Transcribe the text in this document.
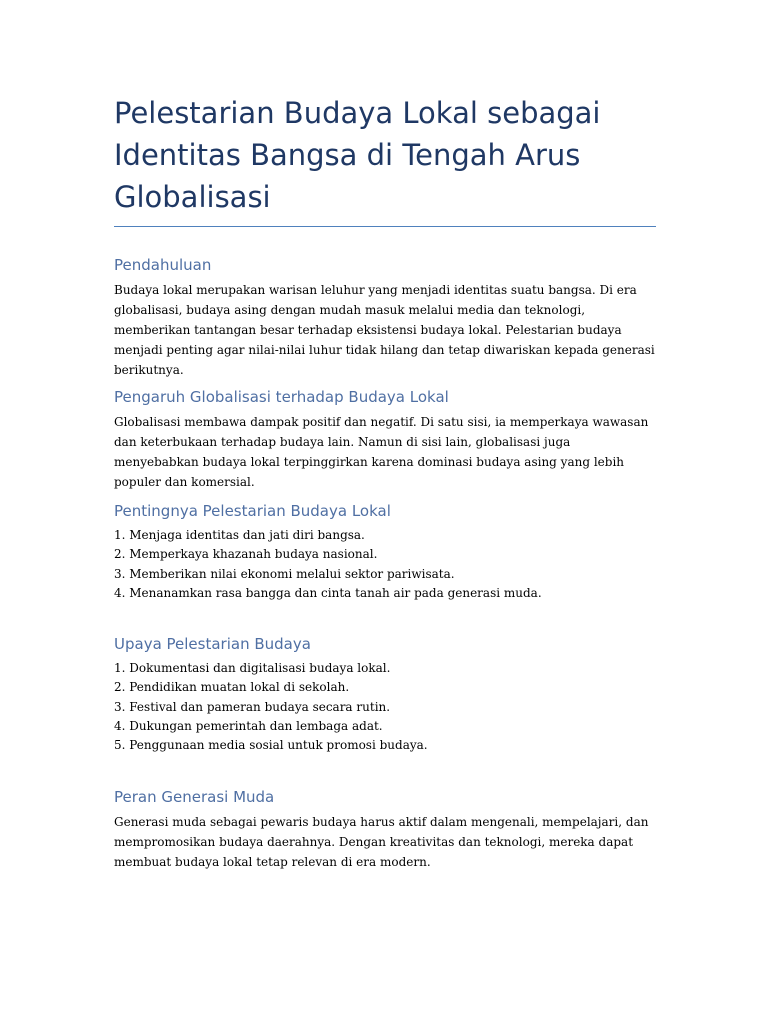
Pelestarian Budaya Lokal sebagai Identitas Bangsa di Tengah Arus Globalisasi
Pendahuluan

Budaya lokal merupakan warisan leluhur yang menjadi identitas suatu bangsa. Di era globalisasi, budaya asing dengan mudah masuk melalui media dan teknologi, memberikan tantangan besar terhadap eksistensi budaya lokal. Pelestarian budaya menjadi penting agar nilai-nilai luhur tidak hilang dan tetap diwariskan kepada generasi berikutnya.

Pengaruh Globalisasi terhadap Budaya Lokal

Globalisasi membawa dampak positif dan negatif. Di satu sisi, ia memperkaya wawasan dan keterbukaan terhadap budaya lain. Namun di sisi lain, globalisasi juga menyebabkan budaya lokal terpinggirkan karena dominasi budaya asing yang lebih populer dan komersial.

Pentingnya Pelestarian Budaya Lokal
1. Menjaga identitas dan jati diri bangsa.
2. Memperkaya khazanah budaya nasional.
3. Memberikan nilai ekonomi melalui sektor pariwisata.
4. Menanamkan rasa bangga dan cinta tanah air pada generasi muda.
Upaya Pelestarian Budaya
1. Dokumentasi dan digitalisasi budaya lokal.
2. Pendidikan muatan lokal di sekolah.
3. Festival dan pameran budaya secara rutin.
4. Dukungan pemerintah dan lembaga adat.
5. Penggunaan media sosial untuk promosi budaya.
Peran Generasi Muda

Generasi muda sebagai pewaris budaya harus aktif dalam mengenali, mempelajari, dan mempromosikan budaya daerahnya. Dengan kreativitas dan teknologi, mereka dapat membuat budaya lokal tetap relevan di era modern.
